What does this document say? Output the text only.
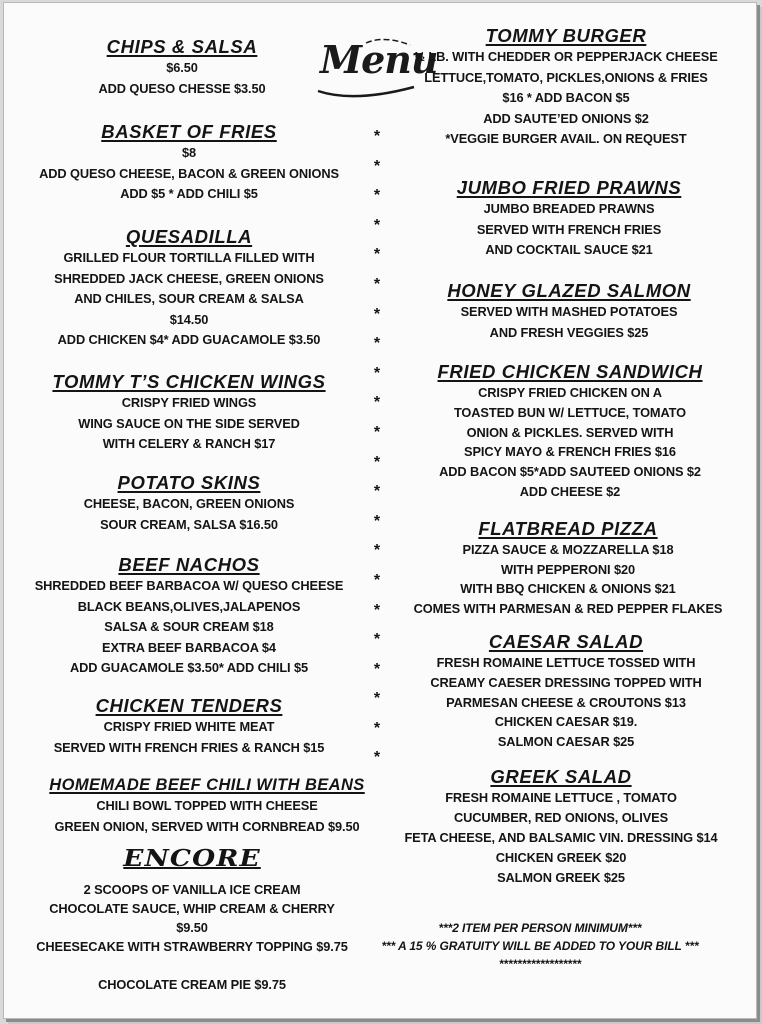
Menu
CHIPS & SALSA
$6.50
ADD QUESO CHESSE $3.50
BASKET OF FRIES
$8
ADD QUESO CHEESE, BACON & GREEN ONIONS
ADD $5 * ADD CHILI $5
QUESADILLA
GRILLED FLOUR TORTILLA FILLED WITH
SHREDDED JACK CHEESE, GREEN ONIONS
AND CHILES, SOUR CREAM & SALSA
$14.50
ADD CHICKEN $4* ADD GUACAMOLE $3.50
TOMMY T’S CHICKEN WINGS
CRISPY FRIED WINGS
WING SAUCE ON THE SIDE SERVED
WITH CELERY & RANCH $17
POTATO SKINS
CHEESE, BACON, GREEN ONIONS
SOUR CREAM, SALSA $16.50
BEEF NACHOS
SHREDDED BEEF BARBACOA W/ QUESO CHEESE
BLACK BEANS,OLIVES,JALAPENOS
SALSA & SOUR CREAM $18
EXTRA BEEF BARBACOA $4
ADD GUACAMOLE $3.50* ADD CHILI $5
CHICKEN TENDERS
CRISPY FRIED WHITE MEAT
SERVED WITH FRENCH FRIES & RANCH $15
HOMEMADE BEEF CHILI WITH BEANS
CHILI BOWL TOPPED WITH CHEESE
GREEN ONION, SERVED WITH CORNBREAD $9.50
ENCORE
2 SCOOPS OF VANILLA ICE CREAM
CHOCOLATE SAUCE, WHIP CREAM & CHERRY
$9.50
CHEESECAKE WITH STRAWBERRY TOPPING $9.75
CHOCOLATE CREAM PIE $9.75
*
*
*
*
*
*
*
*
*
*
*
*
*
*
*
*
*
*
*
*
*
*
TOMMY BURGER
½ LB. WITH CHEDDER OR PEPPERJACK CHEESE
LETTUCE,TOMATO, PICKLES,ONIONS & FRIES
$16 * ADD BACON $5
ADD SAUTE’ED ONIONS $2
*VEGGIE BURGER AVAIL. ON REQUEST
JUMBO FRIED PRAWNS
JUMBO BREADED PRAWNS
SERVED WITH FRENCH FRIES
AND COCKTAIL SAUCE $21
HONEY GLAZED SALMON
SERVED WITH MASHED POTATOES
AND FRESH VEGGIES $25
FRIED CHICKEN SANDWICH
CRISPY FRIED CHICKEN ON A
TOASTED BUN W/ LETTUCE, TOMATO
ONION & PICKLES. SERVED WITH
SPICY MAYO & FRENCH FRIES $16
ADD BACON $5*ADD SAUTEED ONIONS $2
ADD CHEESE $2
FLATBREAD PIZZA
PIZZA SAUCE & MOZZARELLA $18
WITH PEPPERONI $20
WITH BBQ CHICKEN & ONIONS $21
COMES WITH PARMESAN & RED PEPPER FLAKES
CAESAR SALAD
FRESH ROMAINE LETTUCE TOSSED WITH
CREAMY CAESER DRESSING TOPPED WITH
PARMESAN CHEESE & CROUTONS $13
CHICKEN CAESAR $19.
SALMON CAESAR $25
GREEK SALAD
FRESH ROMAINE LETTUCE , TOMATO
CUCUMBER, RED ONIONS, OLIVES
FETA CHEESE, AND BALSAMIC VIN. DRESSING $14
CHICKEN GREEK $20
SALMON GREEK $25
***2 ITEM PER PERSON MINIMUM***
*** A 15 % GRATUITY WILL BE ADDED TO YOUR BILL ***
******************
